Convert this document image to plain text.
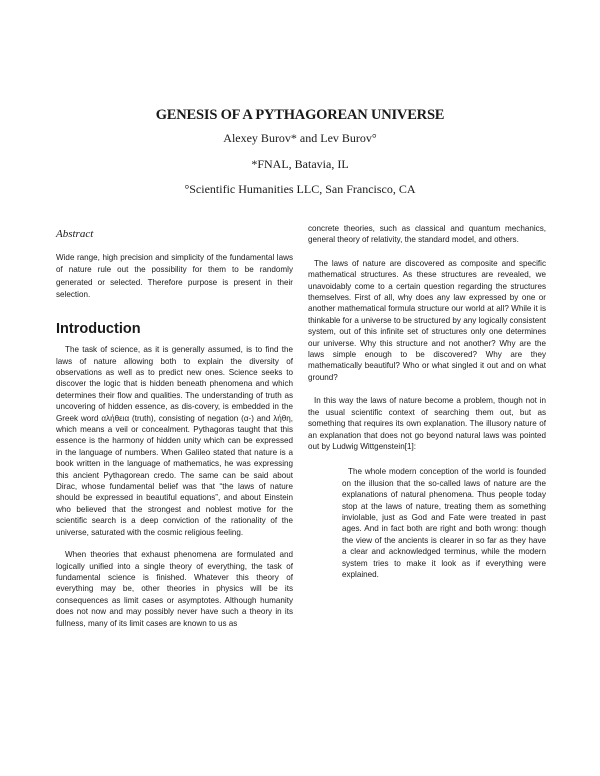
GENESIS OF A PYTHAGOREAN UNIVERSE
Alexey Burov* and Lev Burov°
*FNAL, Batavia, IL
°Scientific Humanities LLC, San Francisco, CA
Abstract

Wide range, high precision and simplicity of the fundamental laws of nature rule out the possibility for them to be randomly generated or selected. Therefore purpose is present in their selection.

Introduction

The task of science, as it is generally assumed, is to find the laws of nature allowing both to explain the diversity of observations as well as to predict new ones. Science seeks to discover the logic that is hidden beneath phenomena and which determines their flow and qualities. The understanding of truth as uncovering of hidden essence, as dis-covery, is embedded in the Greek word αλήθεια (truth), consisting of negation (α-) and λήθη, which means a veil or concealment. Pythagoras taught that this essence is the harmony of hidden unity which can be expressed in the language of numbers. When Galileo stated that nature is a book written in the language of mathematics, he was expressing this ancient Pythagorean credo. The same can be said about Dirac, whose fundamental belief was that “the laws of nature should be expressed in beautiful equations”, and about Einstein who believed that the strongest and noblest motive for the scientific search is a deep conviction of the rationality of the universe, saturated with the cosmic religious feeling.

When theories that exhaust phenomena are formulated and logically unified into a single theory of everything, the task of fundamental science is finished. Whatever this theory of everything may be, other theories in physics will be its consequences as limit cases or asymptotes. Although humanity does not now and may possibly never have such a theory in its fullness, many of its limit cases are known to us as

concrete theories, such as classical and quantum mechanics, general theory of relativity, the standard model, and others.

The laws of nature are discovered as composite and specific mathematical structures. As these structures are revealed, we unavoidably come to a certain question regarding the structures themselves. First of all, why does any law expressed by one or another mathematical formula structure our world at all? While it is thinkable for a universe to be structured by any logically consistent system, out of this infinite set of structures only one determines our universe. Why this structure and not another? Why are the laws simple enough to be discovered? Why are they mathematically beautiful? Who or what singled it out and on what ground?

In this way the laws of nature become a problem, though not in the usual scientific context of searching them out, but as something that requires its own explanation. The illusory nature of an explanation that does not go beyond natural laws was pointed out by Ludwig Wittgenstein[1]:

The whole modern conception of the world is founded on the illusion that the so-called laws of nature are the explanations of natural phenomena. Thus people today stop at the laws of nature, treating them as something inviolable, just as God and Fate were treated in past ages. And in fact both are right and both wrong: though the view of the ancients is clearer in so far as they have a clear and acknowledged terminus, while the modern system tries to make it look as if everything were explained.
